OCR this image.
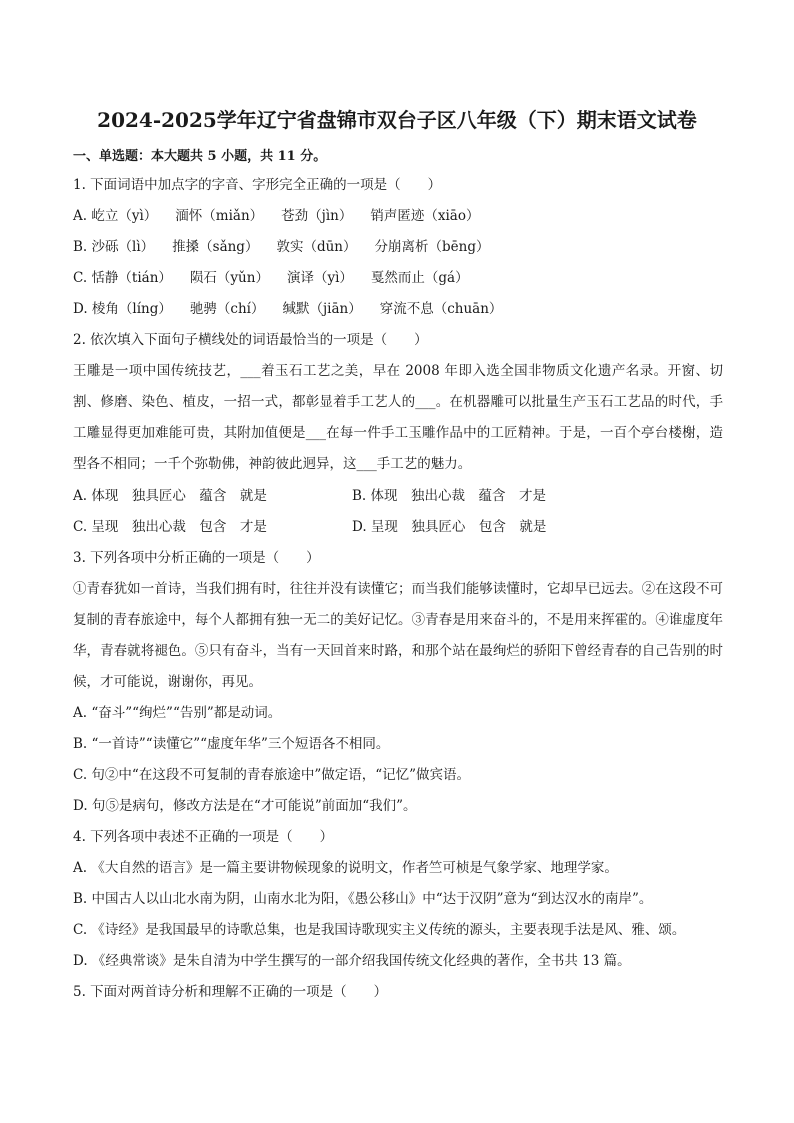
2024-2025学年辽宁省盘锦市双台子区八年级（下）期末语文试卷
一、单选题：本大题共 5 小题，共 11 分。
1. 下面词语中加点字的字音、字形完全正确的一项是（　　）
A. 屹立（yì） 湎怀（miǎn） 苍劲（jìn） 销声匿迹（xiāo）
B. 沙砾（lì） 推搡（sǎng） 敦实（dūn） 分崩离析（bēng）
C. 恬静（tián） 陨石（yǔn） 演译（yì） 戛然而止（gá）
D. 棱角（líng） 驰骋（chí） 缄默（jiān） 穿流不息（chuān）
2. 依次填入下面句子横线处的词语最恰当的一项是（　　）
王雕是一项中国传统技艺，___着玉石工艺之美，早在 2008 年即入选全国非物质文化遗产名录。开窗、切割、修磨、染色、植皮，一招一式，都彰显着手工艺人的___。在机器雕可以批量生产玉石工艺品的时代，手工雕显得更加难能可贵，其附加值便是___在每一件手工玉雕作品中的工匠精神。于是，一百个亭台楼榭，造型各不相同；一千个弥勒佛，神韵彼此迥异，这___手工艺的魅力。
A. 体现　独具匠心　蕴含　就是	B. 体现　独出心裁　蕴含　才是
C. 呈现　独出心裁　包含　才是	D. 呈现　独具匠心　包含　就是
3. 下列各项中分析正确的一项是（　　）
①青春犹如一首诗，当我们拥有时，往往并没有读懂它；而当我们能够读懂时，它却早已远去。②在这段不可复制的青春旅途中，每个人都拥有独一无二的美好记忆。③青春是用来奋斗的，不是用来挥霍的。④谁虚度年华，青春就将褪色。⑤只有奋斗，当有一天回首来时路，和那个站在最绚烂的骄阳下曾经青春的自己告别的时候，才可能说，谢谢你，再见。
A. “奋斗”“绚烂”“告别”都是动词。
B. “一首诗”“读懂它”“虚度年华”三个短语各不相同。
C. 句②中“在这段不可复制的青春旅途中”做定语，“记忆”做宾语。
D. 句⑤是病句，修改方法是在“才可能说”前面加“我们”。
4. 下列各项中表述不正确的一项是（　　）
A. 《大自然的语言》是一篇主要讲物候现象的说明文，作者竺可桢是气象学家、地理学家。
B. 中国古人以山北水南为阴，山南水北为阳，《愚公移山》中“达于汉阴”意为“到达汉水的南岸”。
C. 《诗经》是我国最早的诗歌总集，也是我国诗歌现实主义传统的源头，主要表现手法是风、雅、颂。
D. 《经典常谈》是朱自清为中学生撰写的一部介绍我国传统文化经典的著作，全书共 13 篇。
5. 下面对两首诗分析和理解不正确的一项是（　　）
